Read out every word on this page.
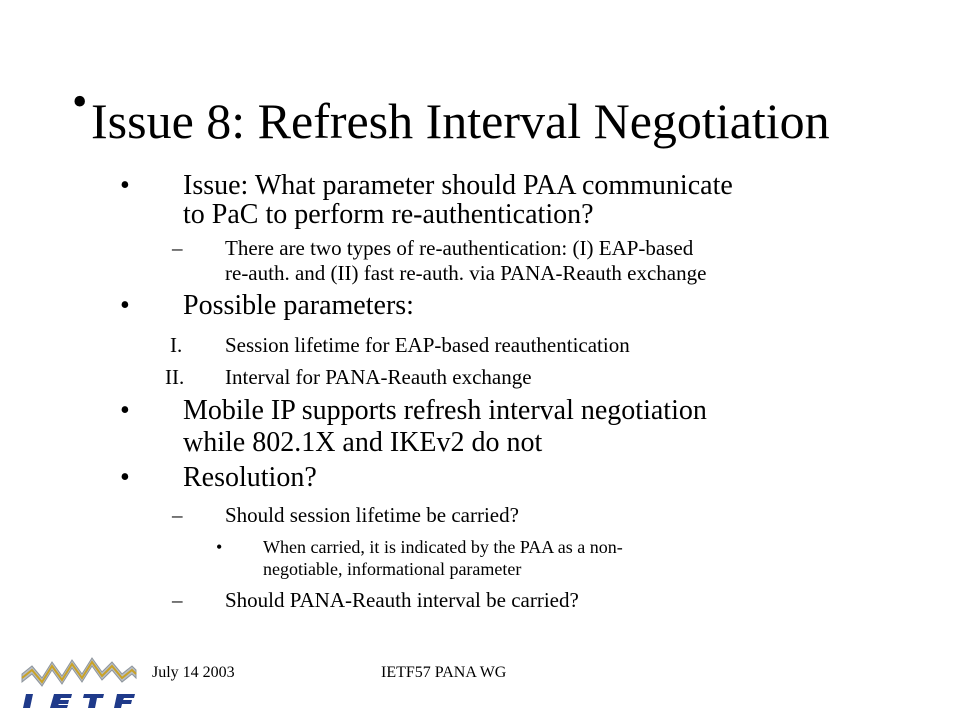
• Issue 8: Refresh Interval Negotiation
• Issue: What parameter should PAA communicate
to PaC to perform re-authentication?
– There are two types of re-authentication: (I) EAP-based
re-auth. and (II) fast re-auth. via PANA-Reauth exchange
• Possible parameters:
I. Session lifetime for EAP-based reauthentication
II. Interval for PANA-Reauth exchange
• Mobile IP supports refresh interval negotiation
while 802.1X and IKEv2 do not
• Resolution?
– Should session lifetime be carried?
• When carried, it is indicated by the PAA as a non-
negotiable, informational parameter
– Should PANA-Reauth interval be carried?
July 14 2003	IETF57 PANA WG
